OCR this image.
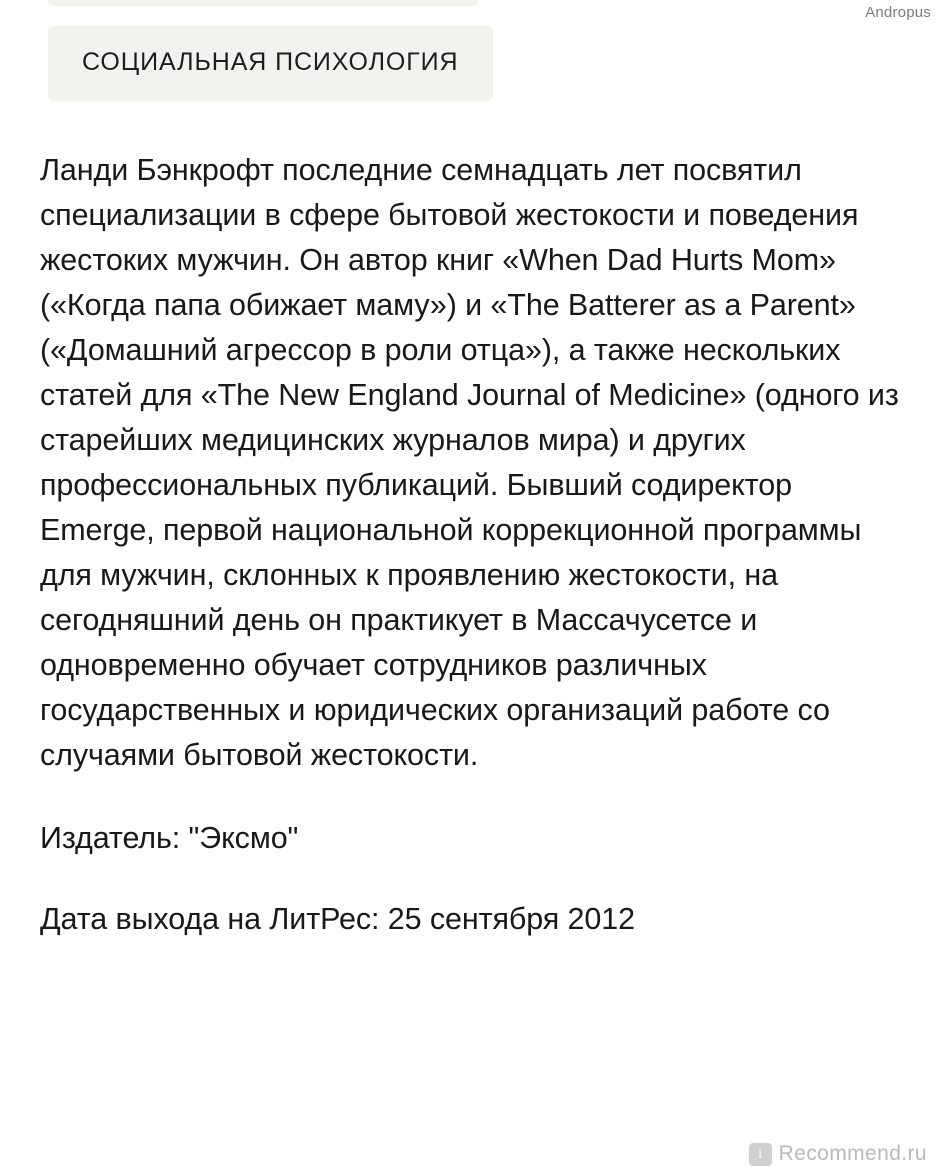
Andropus
СОЦИАЛЬНАЯ ПСИХОЛОГИЯ

Ланди Бэнкрофт последние семнадцать лет посвятил специализации в сфере бытовой жестокости и поведения жестоких мужчин. Он автор книг «When Dad Hurts Mom» («Когда папа обижает маму») и «The Batterer as a Parent» («Домашний агрессор в роли отца»), а также нескольких статей для «The New England Journal of Medicine» (одного из старейших медицинских журналов мира) и других профессиональных публикаций. Бывший содиректор Emerge, первой национальной коррекционной программы для мужчин, склонных к проявлению жестокости, на сегодняшний день он практикует в Массачусетсе и одновременно обучает сотрудников различных государственных и юридических организаций работе со случаями бытовой жестокости.

Издатель: "Эксмо"

Дата выхода на ЛитРес: 25 сентября 2012

i Recommend.ru
